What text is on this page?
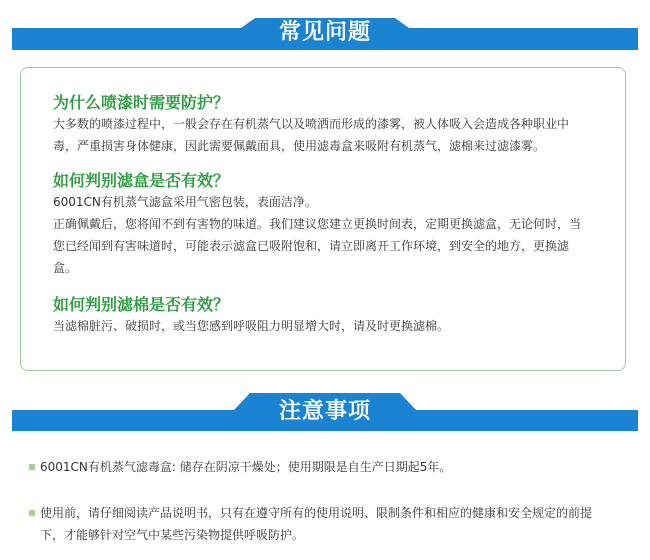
常见问题

为什么喷漆时需要防护？

大多数的喷漆过程中，一般会存在有机蒸气以及喷洒而形成的漆雾，被人体吸入会造成各种职业中毒，严重损害身体健康，因此需要佩戴面具，使用滤毒盒来吸附有机蒸气，滤棉来过滤漆雾。

如何判别滤盒是否有效？

6001CN有机蒸气滤盒采用气密包装，表面洁净。

正确佩戴后，您将闻不到有害物的味道。我们建议您建立更换时间表，定期更换滤盒，无论何时，当您已经闻到有害味道时，可能表示滤盒已吸附饱和，请立即离开工作环境，到安全的地方，更换滤盒。

如何判别滤棉是否有效？

当滤棉脏污、破损时，或当您感到呼吸阻力明显增大时，请及时更换滤棉。

注意事项
6001CN有机蒸气滤毒盒: 储存在阴凉干燥处；使用期限是自生产日期起5年。
使用前，请仔细阅读产品说明书，只有在遵守所有的使用说明、限制条件和相应的健康和安全规定的前提下，才能够针对空气中某些污染物提供呼吸防护。
